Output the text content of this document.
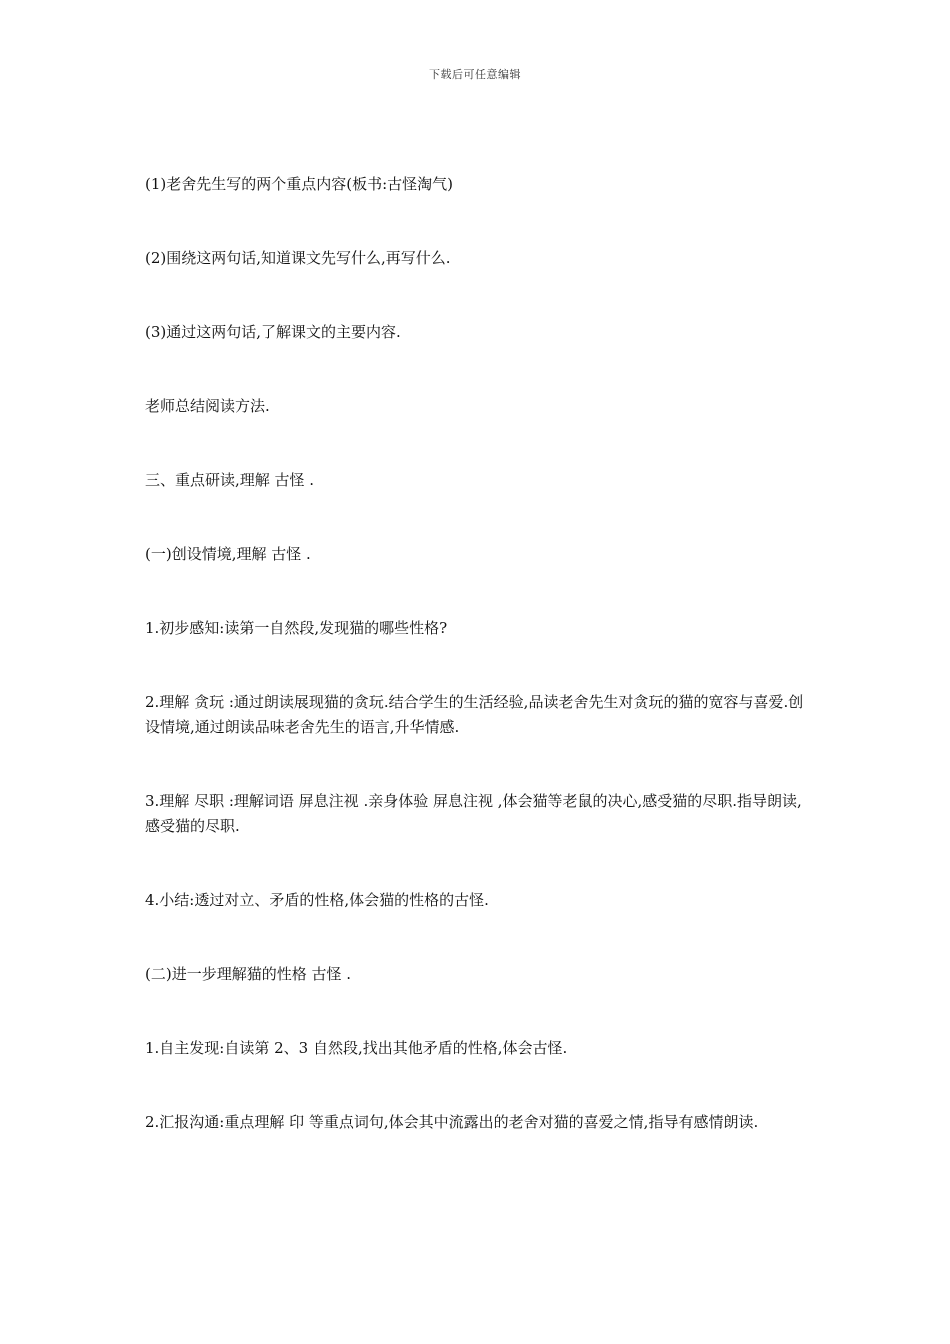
下载后可任意编辑

(1)老舍先生写的两个重点内容(板书:古怪淘气)

(2)围绕这两句话,知道课文先写什么,再写什么.

(3)通过这两句话,了解课文的主要内容.

老师总结阅读方法.

三、重点研读,理解 古怪 .

(一)创设情境,理解 古怪 .

1.初步感知:读第一自然段,发现猫的哪些性格?

2.理解 贪玩 :通过朗读展现猫的贪玩.结合学生的生活经验,品读老舍先生对贪玩的猫的宽容与喜爱.创设情境,通过朗读品味老舍先生的语言,升华情感.

3.理解 尽职 :理解词语 屏息注视 .亲身体验 屏息注视 ,体会猫等老鼠的决心,感受猫的尽职.指导朗读,感受猫的尽职.

4.小结:透过对立、矛盾的性格,体会猫的性格的古怪.

(二)进一步理解猫的性格 古怪 .

1.自主发现:自读第 2、3 自然段,找出其他矛盾的性格,体会古怪.

2.汇报沟通:重点理解 印 等重点词句,体会其中流露出的老舍对猫的喜爱之情,指导有感情朗读.
